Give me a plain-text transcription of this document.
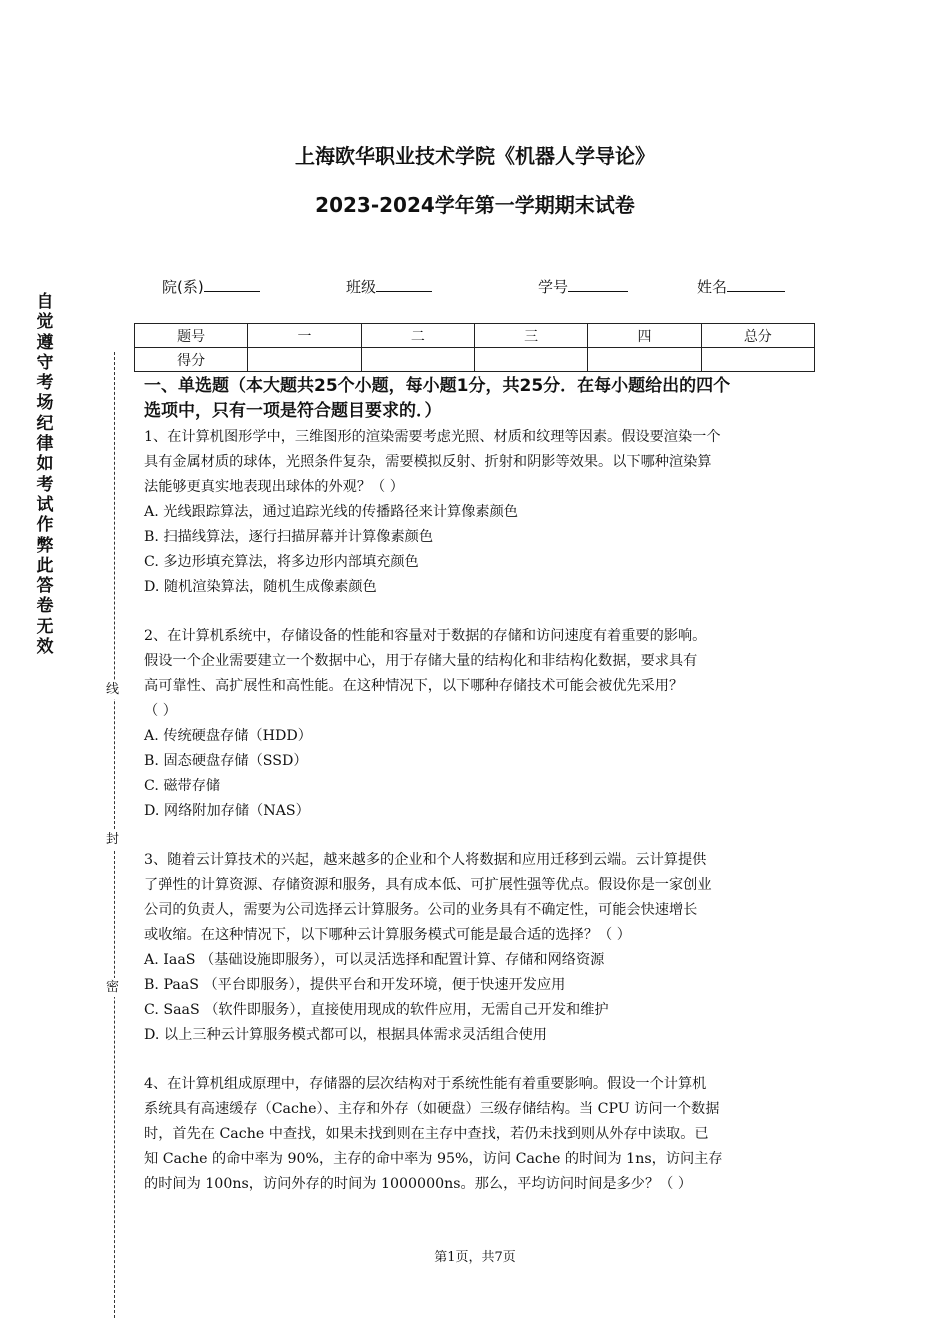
上海欧华职业技术学院《机器人学导论》
2023-2024学年第一学期期末试卷
院(系)	班级	学号	姓名
题号	一	二	三	四	总分
得分					
自
觉
遵
守
考
场
纪
律
如
考
试
作
弊
此
答
卷
无
效
线
封
密
一、单选题（本大题共25个小题，每小题1分，共25分．在每小题给出的四个
选项中，只有一项是符合题目要求的．）

1、在计算机图形学中，三维图形的渲染需要考虑光照、材质和纹理等因素。假设要渲染一个

具有金属材质的球体，光照条件复杂，需要模拟反射、折射和阴影等效果。以下哪种渲染算

法能够更真实地表现出球体的外观？（ ）

A. 光线跟踪算法，通过追踪光线的传播路径来计算像素颜色

B. 扫描线算法，逐行扫描屏幕并计算像素颜色

C. 多边形填充算法，将多边形内部填充颜色

D. 随机渲染算法，随机生成像素颜色

2、在计算机系统中，存储设备的性能和容量对于数据的存储和访问速度有着重要的影响。

假设一个企业需要建立一个数据中心，用于存储大量的结构化和非结构化数据，要求具有

高可靠性、高扩展性和高性能。在这种情况下，以下哪种存储技术可能会被优先采用？

（ ）

A. 传统硬盘存储（HDD）

B. 固态硬盘存储（SSD）

C. 磁带存储

D. 网络附加存储（NAS）

3、随着云计算技术的兴起，越来越多的企业和个人将数据和应用迁移到云端。云计算提供

了弹性的计算资源、存储资源和服务，具有成本低、可扩展性强等优点。假设你是一家创业

公司的负责人，需要为公司选择云计算服务。公司的业务具有不确定性，可能会快速增长

或收缩。在这种情况下，以下哪种云计算服务模式可能是最合适的选择？（ ）

A. IaaS （基础设施即服务），可以灵活选择和配置计算、存储和网络资源

B. PaaS （平台即服务），提供平台和开发环境，便于快速开发应用

C. SaaS （软件即服务），直接使用现成的软件应用，无需自己开发和维护

D. 以上三种云计算服务模式都可以，根据具体需求灵活组合使用

4、在计算机组成原理中，存储器的层次结构对于系统性能有着重要影响。假设一个计算机

系统具有高速缓存（Cache）、主存和外存（如硬盘）三级存储结构。当 CPU 访问一个数据

时，首先在 Cache 中查找，如果未找到则在主存中查找，若仍未找到则从外存中读取。已

知 Cache 的命中率为 90%，主存的命中率为 95%，访问 Cache 的时间为 1ns，访问主存

的时间为 100ns，访问外存的时间为 1000000ns。那么，平均访问时间是多少？（ ）

第1页，共7页
